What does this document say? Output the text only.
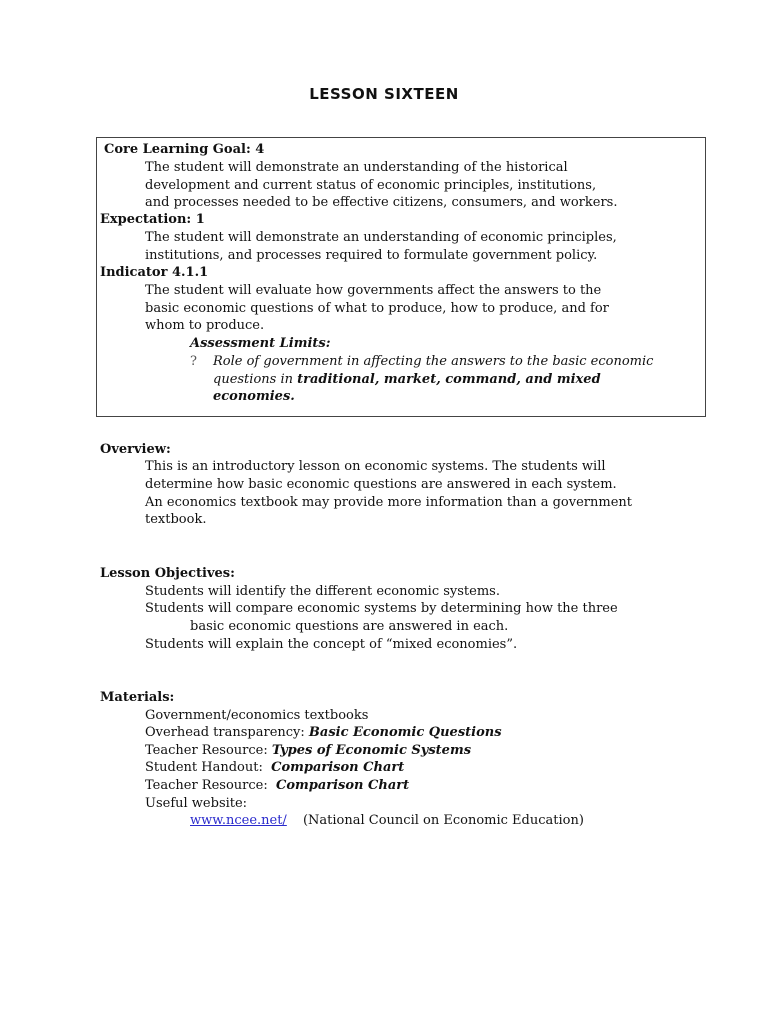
LESSON SIXTEEN
Core Learning Goal: 4
The student will demonstrate an understanding of the historical
development and current status of economic principles, institutions,
and processes needed to be effective citizens, consumers, and workers.
Expectation: 1
The student will demonstrate an understanding of economic principles,
institutions, and processes required to formulate government policy.
Indicator 4.1.1
The student will evaluate how governments affect the answers to the
basic economic questions of what to produce, how to produce, and for
whom to produce.
Assessment Limits:
? Role of government in affecting the answers to the basic economic
questions in traditional, market, command, and mixed
economies.
Overview:
This is an introductory lesson on economic systems. The students will
determine how basic economic questions are answered in each system.
An economics textbook may provide more information than a government
textbook.
Lesson Objectives:
Students will identify the different economic systems.
Students will compare economic systems by determining how the three
basic economic questions are answered in each.
Students will explain the concept of “mixed economies”.
Materials:
Government/economics textbooks
Overhead transparency: Basic Economic Questions
Teacher Resource: Types of Economic Systems
Student Handout:  Comparison Chart
Teacher Resource:  Comparison Chart
Useful website:
www.ncee.net/ (National Council on Economic Education)
